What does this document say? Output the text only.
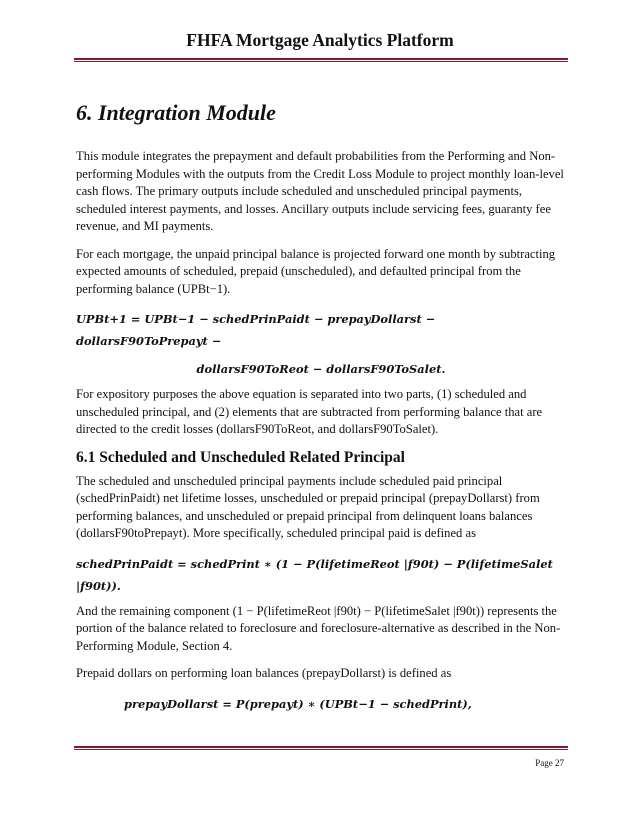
FHFA Mortgage Analytics Platform
6. Integration Module

This module integrates the prepayment and default probabilities from the Performing and Non-performing Modules with the outputs from the Credit Loss Module to project monthly loan-level cash flows. The primary outputs include scheduled and unscheduled principal payments, scheduled interest payments, and losses. Ancillary outputs include servicing fees, guaranty fee revenue, and MI payments.

For each mortgage, the unpaid principal balance is projected forward one month by subtracting expected amounts of scheduled, prepaid (unscheduled), and defaulted principal from the performing balance (UPBt−1).

UPBt+1 = UPBt−1 − schedPrinPaidt − prepayDollarst − dollarsF90ToPrepayt −
dollarsF90ToReot − dollarsF90ToSalet.

For expository purposes the above equation is separated into two parts, (1) scheduled and unscheduled principal, and (2) elements that are subtracted from performing balance that are directed to the credit losses (dollarsF90ToReot, and dollarsF90ToSalet).

6.1 Scheduled and Unscheduled Related Principal

The scheduled and unscheduled principal payments include scheduled paid principal (schedPrinPaidt) net lifetime losses, unscheduled or prepaid principal (prepayDollarst) from performing balances, and unscheduled or prepaid principal from delinquent loans balances (dollarsF90toPrepayt). More specifically, scheduled principal paid is defined as

schedPrinPaidt = schedPrint ∗ (1 − P(lifetimeReot |f90t) − P(lifetimeSalet |f90t)).

And the remaining component (1 − P(lifetimeReot |f90t) − P(lifetimeSalet |f90t)) represents the portion of the balance related to foreclosure and foreclosure-alternative as described in the Non-Performing Module, Section 4.

Prepaid dollars on performing loan balances (prepayDollarst) is defined as

prepayDollarst = P(prepayt) ∗ (UPBt−1 − schedPrint),
Page 27
